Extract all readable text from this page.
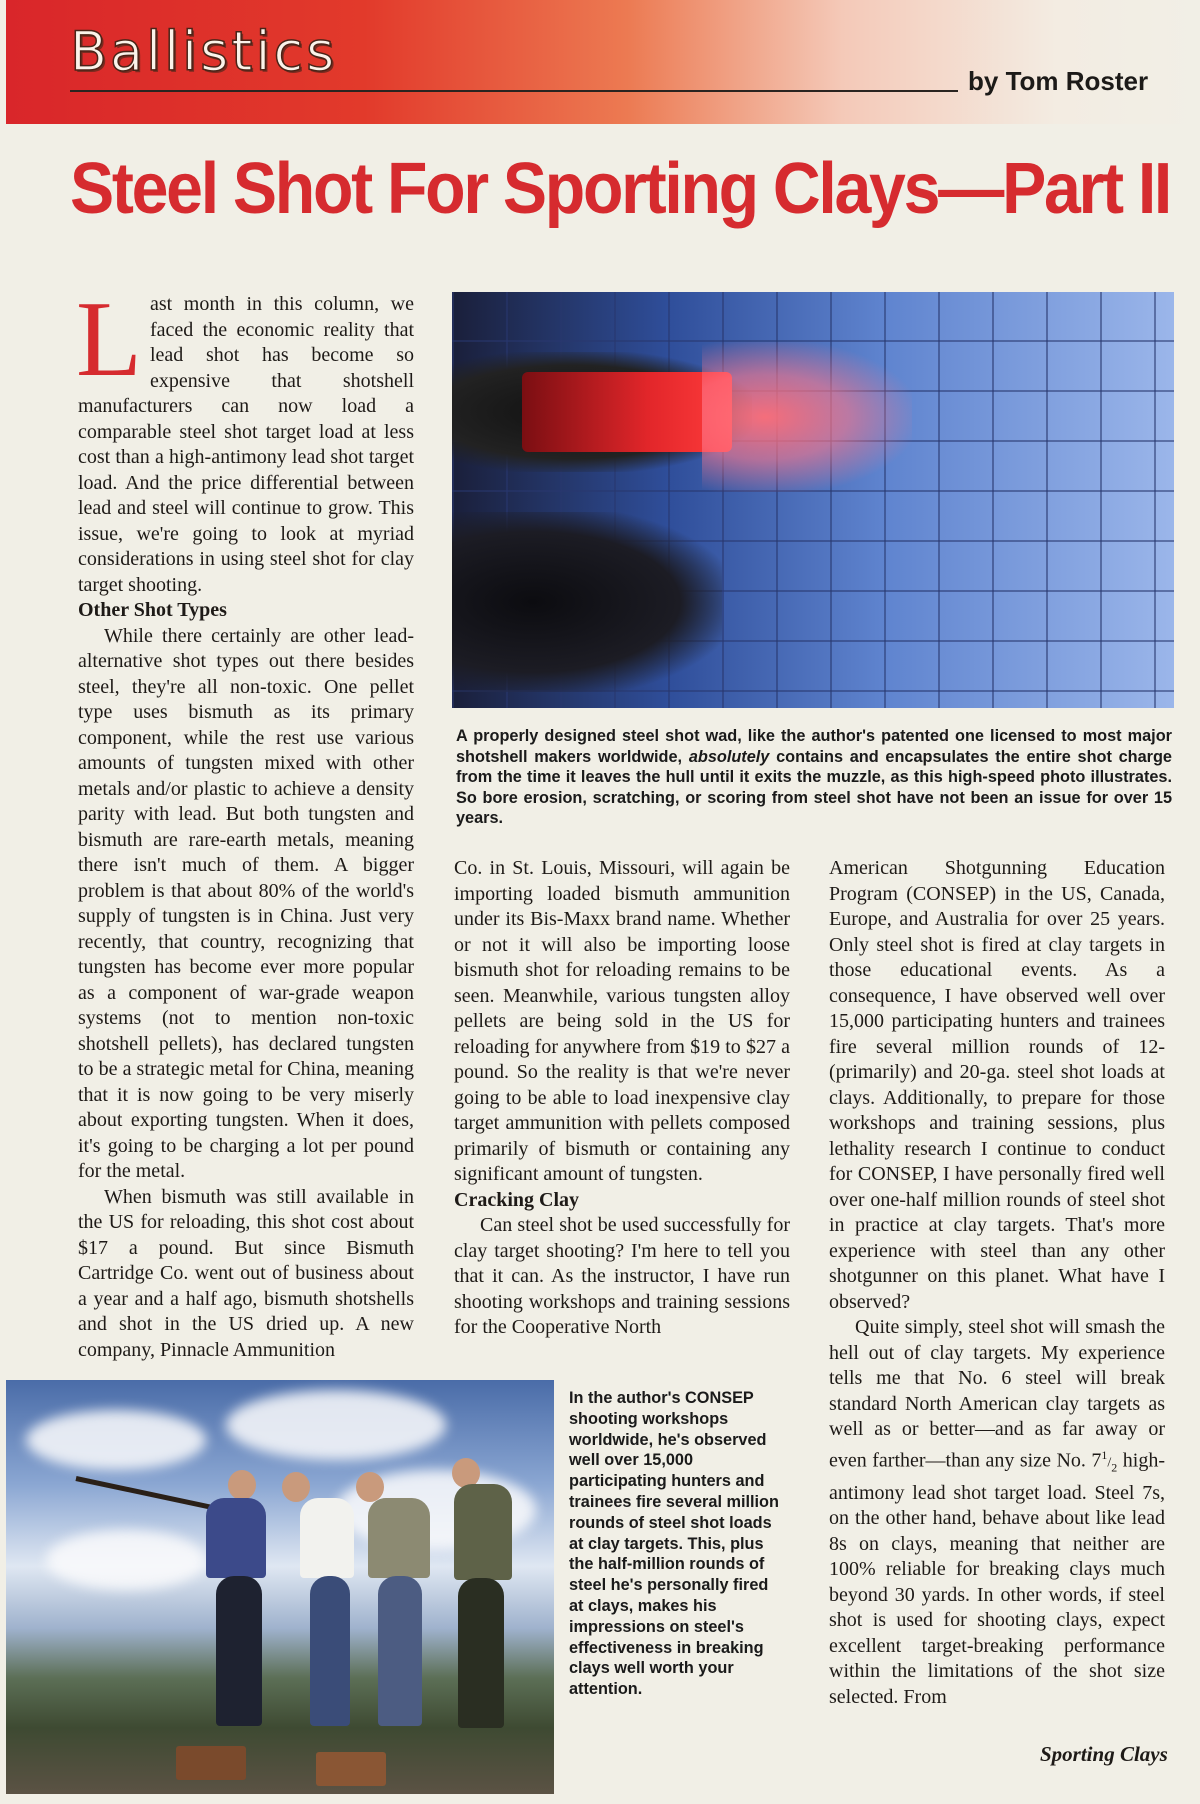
Ballistics	by Tom Roster
Steel Shot For Sporting Clays—Part II

Last month in this column, we faced the economic reality that lead shot has become so expensive that shotshell manufacturers can now load a comparable steel shot target load at less cost than a high-antimony lead shot target load. And the price differential between lead and steel will continue to grow. This issue, we're going to look at myriad considerations in using steel shot for clay target shooting.

Other Shot Types

While there certainly are other lead-alternative shot types out there besides steel, they're all non-toxic. One pellet type uses bismuth as its primary component, while the rest use various amounts of tungsten mixed with other metals and/or plastic to achieve a density parity with lead. But both tungsten and bismuth are rare-earth metals, meaning there isn't much of them. A bigger problem is that about 80% of the world's supply of tungsten is in China. Just very recently, that country, recognizing that tungsten has become ever more popular as a component of war-grade weapon systems (not to mention non-toxic shotshell pellets), has declared tungsten to be a strategic metal for China, meaning that it is now going to be very miserly about exporting tungsten. When it does, it's going to be charging a lot per pound for the metal.

When bismuth was still available in the US for reloading, this shot cost about $17 a pound. But since Bismuth Cartridge Co. went out of business about a year and a half ago, bismuth shotshells and shot in the US dried up. A new company, Pinnacle Ammunition

A properly designed steel shot wad, like the author's patented one licensed to most major shotshell makers worldwide, absolutely contains and encapsulates the entire shot charge from the time it leaves the hull until it exits the muzzle, as this high-speed photo illustrates. So bore erosion, scratching, or scoring from steel shot have not been an issue for over 15 years.

Co. in St. Louis, Missouri, will again be importing loaded bismuth ammunition under its Bis-Maxx brand name. Whether or not it will also be importing loose bismuth shot for reloading remains to be seen. Meanwhile, various tungsten alloy pellets are being sold in the US for reloading for anywhere from $19 to $27 a pound. So the reality is that we're never going to be able to load inexpensive clay target ammunition with pellets composed primarily of bismuth or containing any significant amount of tungsten.

Cracking Clay

Can steel shot be used successfully for clay target shooting? I'm here to tell you that it can. As the instructor, I have run shooting workshops and training sessions for the Cooperative North

American Shotgunning Education Program (CONSEP) in the US, Canada, Europe, and Australia for over 25 years. Only steel shot is fired at clay targets in those educational events. As a consequence, I have observed well over 15,000 participating hunters and trainees fire several million rounds of 12- (primarily) and 20-ga. steel shot loads at clays. Additionally, to prepare for those workshops and training sessions, plus lethality research I continue to conduct for CONSEP, I have personally fired well over one-half million rounds of steel shot in practice at clay targets. That's more experience with steel than any other shotgunner on this planet. What have I observed?

Quite simply, steel shot will smash the hell out of clay targets. My experience tells me that No. 6 steel will break standard North American clay targets as well as or better—and as far away or even farther—than any size No. $7^1/_2$ high-antimony lead shot target load. Steel 7s, on the other hand, behave about like lead 8s on clays, meaning that neither are 100% reliable for breaking clays much beyond 30 yards. In other words, if steel shot is used for shooting clays, expect excellent target-breaking performance within the limitations of the shot size selected. From

In the author's CONSEP shooting workshops worldwide, he's observed well over 15,000 participating hunters and trainees fire several million rounds of steel shot loads at clay targets. This, plus the half-million rounds of steel he's personally fired at clays, makes his impressions on steel's effectiveness in breaking clays well worth your attention.
Sporting Clays
